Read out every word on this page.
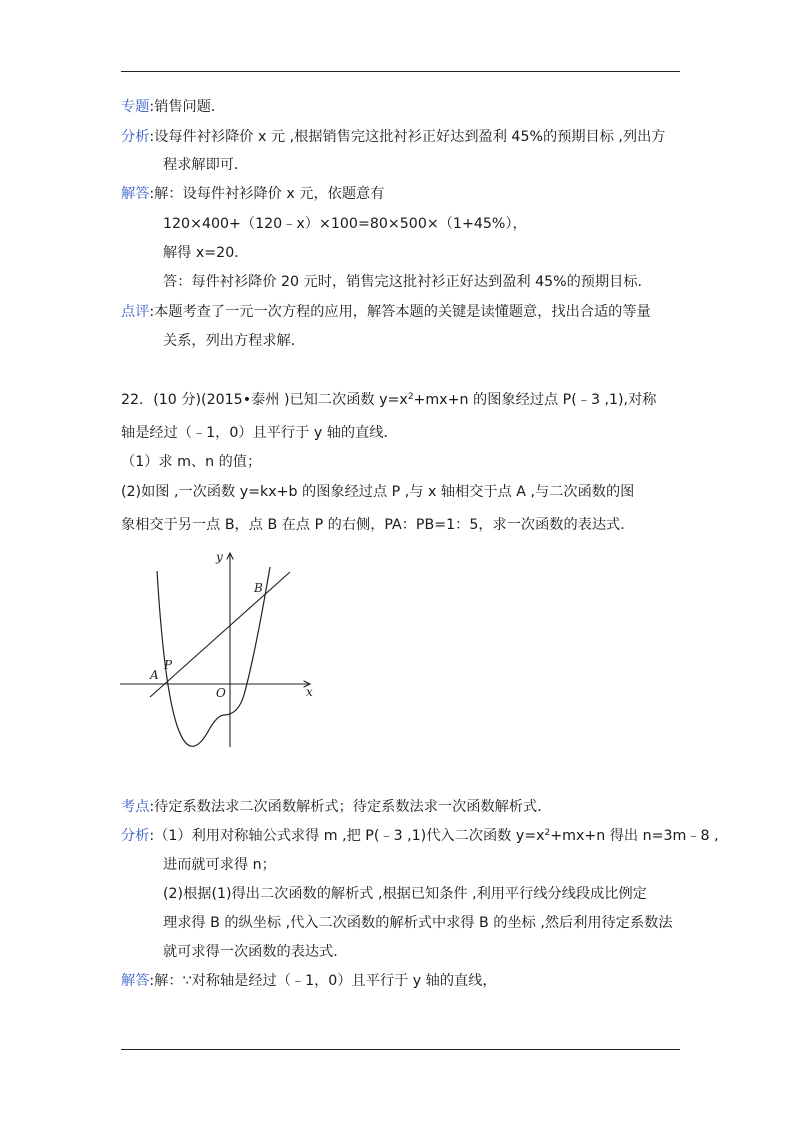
专题:销售问题．
分析:设每件衬衫降价 x 元 ,根据销售完这批衬衫正好达到盈利 45%的预期目标 ,列出方
程求解即可．
解答:解：设每件衬衫降价 x 元，依题意有
120×400+（120﹣x）×100=80×500×（1+45%），
解得 x=20．
答：每件衬衫降价 20 元时，销售完这批衬衫正好达到盈利 45%的预期目标．
点评:本题考查了一元一次方程的应用，解答本题的关键是读懂题意，找出合适的等量
关系，列出方程求解．
22．(10 分)(2015•泰州 )已知二次函数 $y=x^2+mx+n$ 的图象经过点 P(﹣3 ,1),对称
轴是经过（﹣1，0）且平行于 y 轴的直线．
（1）求 m、n 的值；
(2)如图 ,一次函数 y=kx+b 的图象经过点 P ,与 x 轴相交于点 A ,与二次函数的图
象相交于另一点 B，点 B 在点 P 的右侧，PA：PB=1：5，求一次函数的表达式．
y
x
O
A
P
B
考点:待定系数法求二次函数解析式；待定系数法求一次函数解析式．
分析:（1）利用对称轴公式求得 m ,把 P(﹣3 ,1)代入二次函数 $y=x^2+mx+n$ 得出 n=3m﹣8 ,
进而就可求得 n；
(2)根据(1)得出二次函数的解析式 ,根据已知条件 ,利用平行线分线段成比例定
理求得 B 的纵坐标 ,代入二次函数的解析式中求得 B 的坐标 ,然后利用待定系数法
就可求得一次函数的表达式．
解答:解：∵对称轴是经过（﹣1，0）且平行于 y 轴的直线，
